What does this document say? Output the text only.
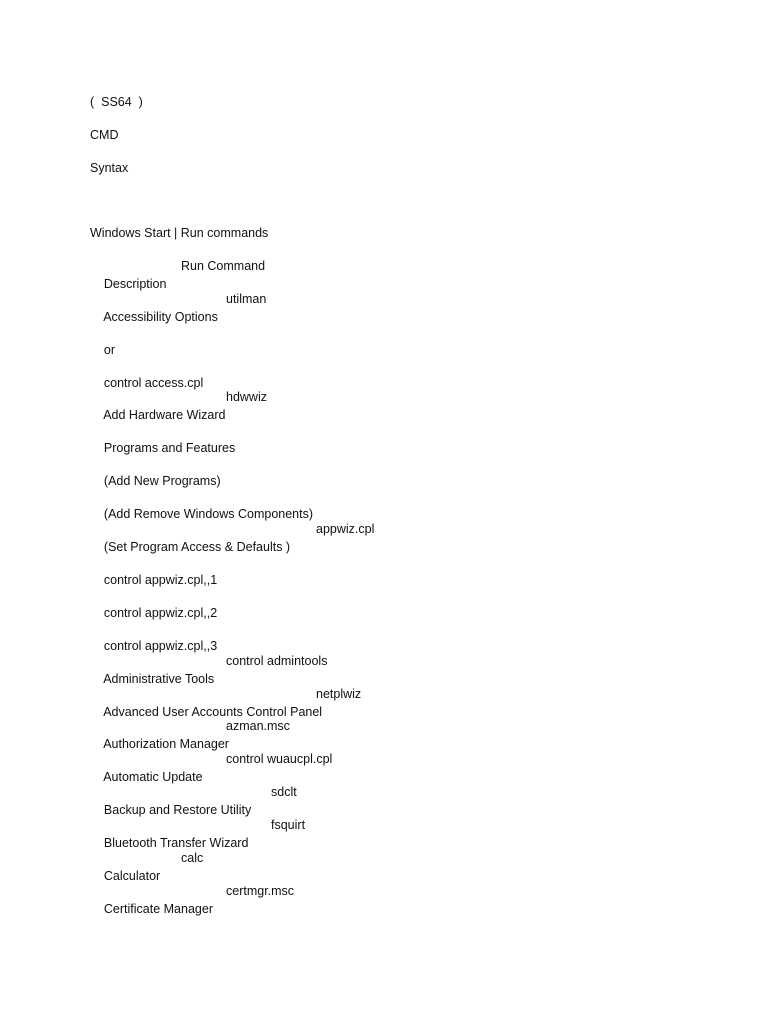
(  SS64  )
CMD
Syntax
Windows Start | Run commands

Description

Run Command

Accessibility Options

utilman

or

control access.cpl

Add Hardware Wizard

hdwwiz

Programs and Features

(Add New Programs)

(Add Remove Windows Components)

(Set Program Access & Defaults )

appwiz.cpl

control appwiz.cpl,,1

control appwiz.cpl,,2

control appwiz.cpl,,3

Administrative Tools

control admintools

Advanced User Accounts Control Panel

netplwiz

Authorization Manager

azman.msc

Automatic Update

control wuaucpl.cpl

Backup and Restore Utility

sdclt

Bluetooth Transfer Wizard

fsquirt

Calculator

calc

Certificate Manager

certmgr.msc
